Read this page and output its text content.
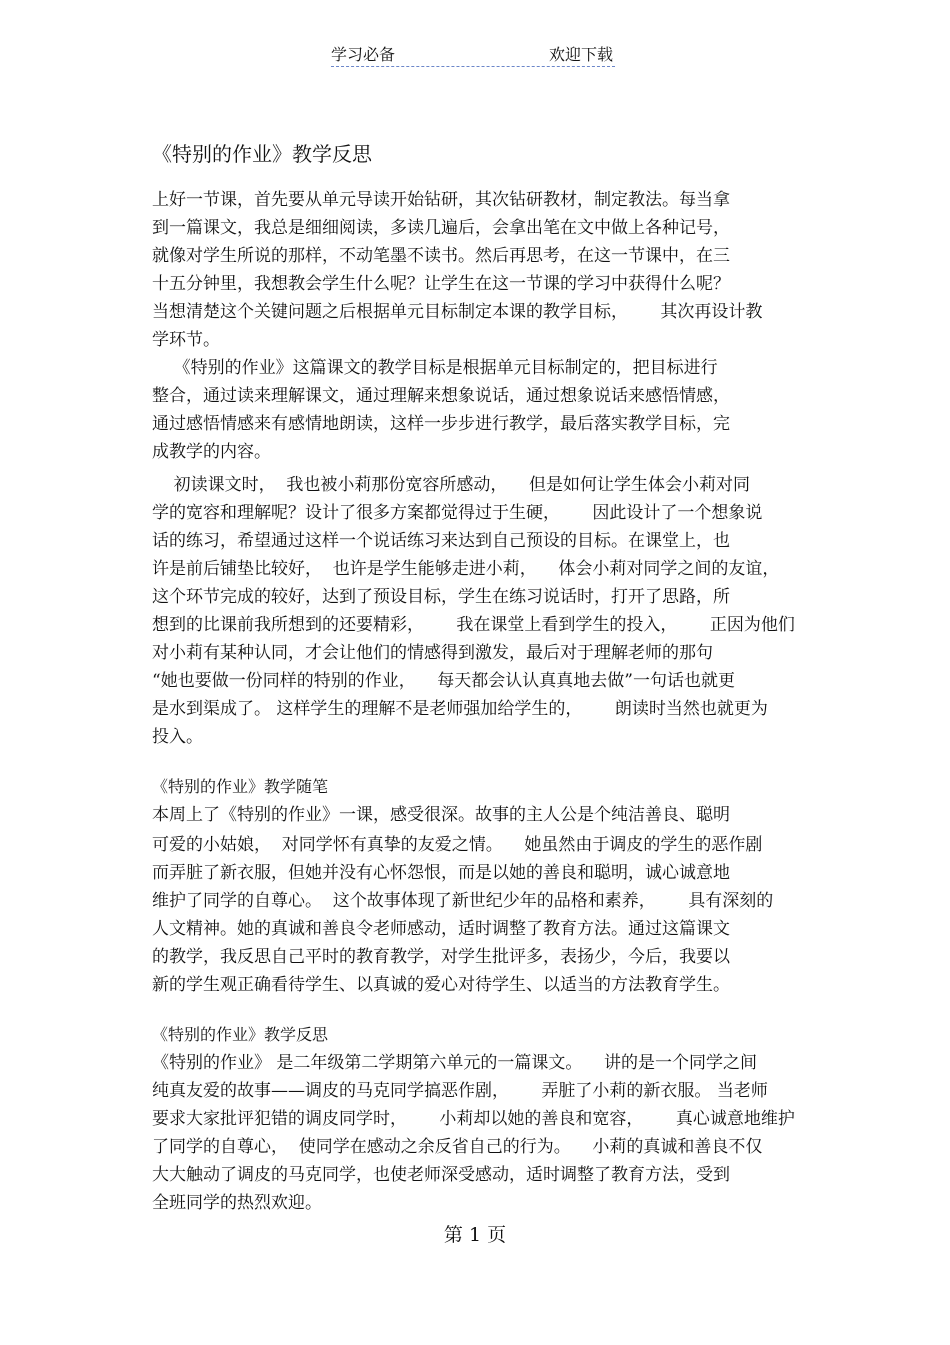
学习必备	欢迎下载
《特别的作业》教学反思
上好一节课，首先要从单元导读开始钻研，其次钻研教材，制定教法。每当拿
到一篇课文，我总是细细阅读，多读几遍后，会拿出笔在文中做上各种记号，
就像对学生所说的那样，不动笔墨不读书。然后再思考，在这一节课中，在三
十五分钟里，我想教会学生什么呢？让学生在这一节课的学习中获得什么呢？
当想清楚这个关键问题之后根据单元目标制定本课的教学目标，      其次再设计教
学环节。
《特别的作业》这篇课文的教学目标是根据单元目标制定的，把目标进行
整合，通过读来理解课文，通过理解来想象说话，通过想象说话来感悟情感，
通过感悟情感来有感情地朗读，这样一步步进行教学，最后落实教学目标，完
成教学的内容。
初读课文时，  我也被小莉那份宽容所感动，    但是如何让学生体会小莉对同
学的宽容和理解呢？设计了很多方案都觉得过于生硬，      因此设计了一个想象说
话的练习，希望通过这样一个说话练习来达到自己预设的目标。在课堂上，也
许是前后铺垫比较好，  也许是学生能够走进小莉，    体会小莉对同学之间的友谊，
这个环节完成的较好，达到了预设目标，学生在练习说话时，打开了思路，所
想到的比课前我所想到的还要精彩，      我在课堂上看到学生的投入，      正因为他们
对小莉有某种认同，才会让他们的情感得到激发，最后对于理解老师的那句
“她也要做一份同样的特别的作业，    每天都会认认真真地去做”一句话也就更
是水到渠成了。 这样学生的理解不是老师强加给学生的，      朗读时当然也就更为
投入。
《特别的作业》教学随笔
本周上了《特别的作业》一课，感受很深。故事的主人公是个纯洁善良、聪明
可爱的小姑娘，  对同学怀有真挚的友爱之情。    她虽然由于调皮的学生的恶作剧
而弄脏了新衣服，但她并没有心怀怨恨，而是以她的善良和聪明，诚心诚意地
维护了同学的自尊心。  这个故事体现了新世纪少年的品格和素养，      具有深刻的
人文精神。她的真诚和善良令老师感动，适时调整了教育方法。通过这篇课文
的教学，我反思自己平时的教育教学，对学生批评多，表扬少，今后，我要以
新的学生观正确看待学生、以真诚的爱心对待学生、以适当的方法教育学生。
《特别的作业》教学反思
《特别的作业》 是二年级第二学期第六单元的一篇课文。    讲的是一个同学之间
纯真友爱的故事——调皮的马克同学搞恶作剧，      弄脏了小莉的新衣服。 当老师
要求大家批评犯错的调皮同学时，      小莉却以她的善良和宽容，      真心诚意地维护
了同学的自尊心，  使同学在感动之余反省自己的行为。    小莉的真诚和善良不仅
大大触动了调皮的马克同学，也使老师深受感动，适时调整了教育方法，受到
全班同学的热烈欢迎。
第 1 页
